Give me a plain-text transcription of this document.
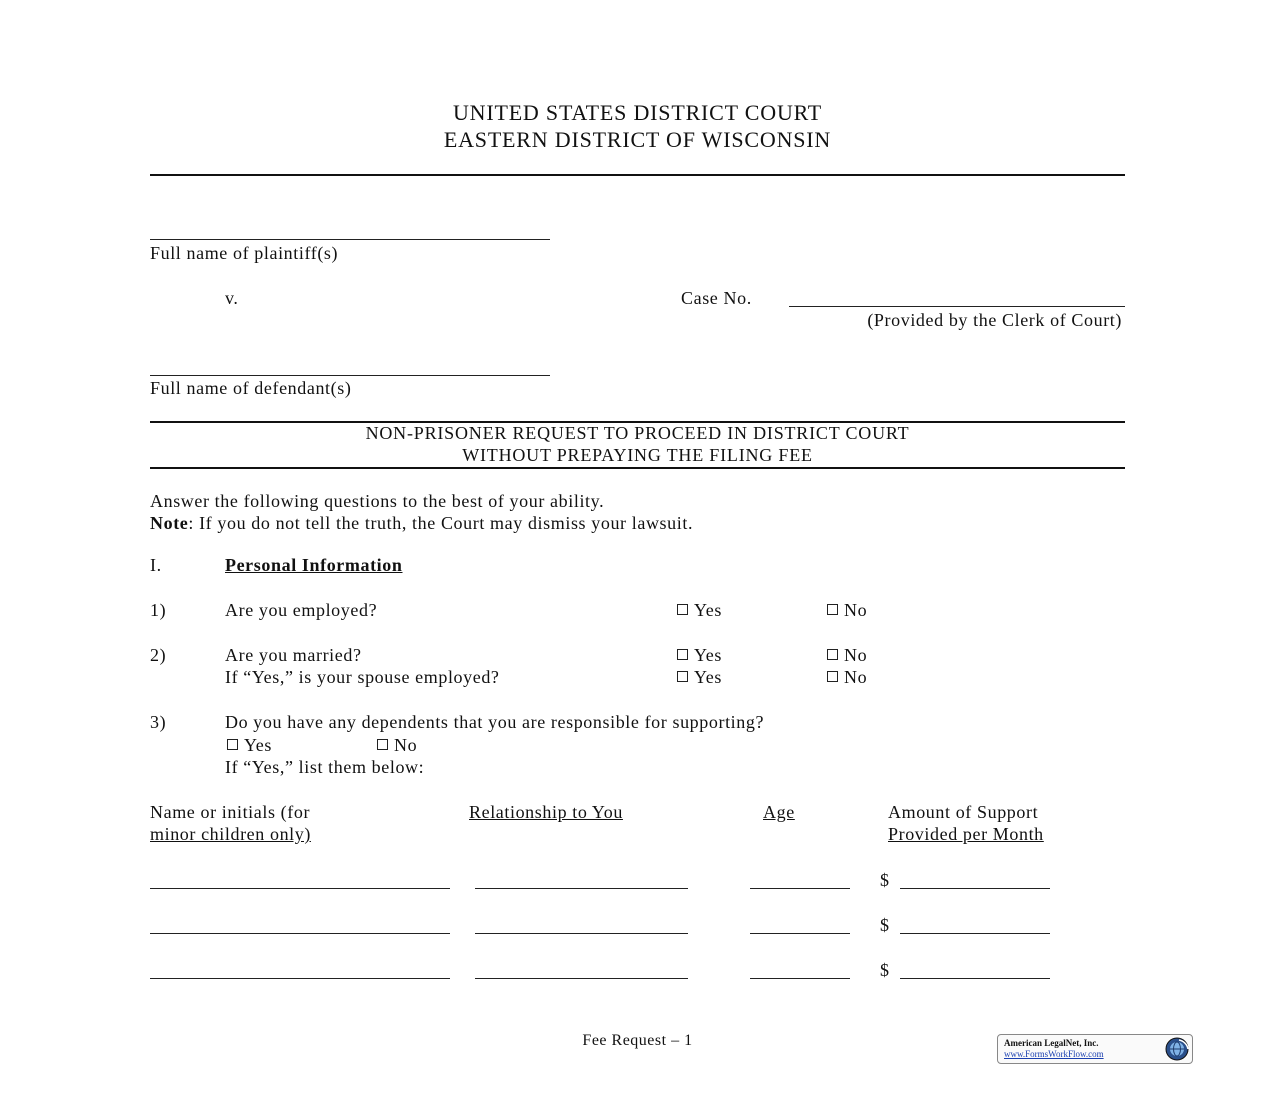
UNITED STATES DISTRICT COURT
EASTERN DISTRICT OF WISCONSIN
Full name of plaintiff(s)
v.	Case No.
(Provided by the Clerk of Court)
Full name of defendant(s)
NON-PRISONER REQUEST TO PROCEED IN DISTRICT COURT
WITHOUT PREPAYING THE FILING FEE
Answer the following questions to the best of your ability.
Note: If you do not tell the truth, the Court may dismiss your lawsuit.
I.	Personal Information
1)	Are you employed?	Yes	No
2)	Are you married?	Yes	No
If “Yes,” is your spouse employed?	Yes	No
3)	Do you have any dependents that you are responsible for supporting?
Yes	No
If “Yes,” list them below:
Name or initials (for
minor children only)
Relationship to You	Age	Amount of Support
Provided per Month
$
$
$
Fee Request – 1	American LegalNet, Inc.
www.FormsWorkFlow.com
